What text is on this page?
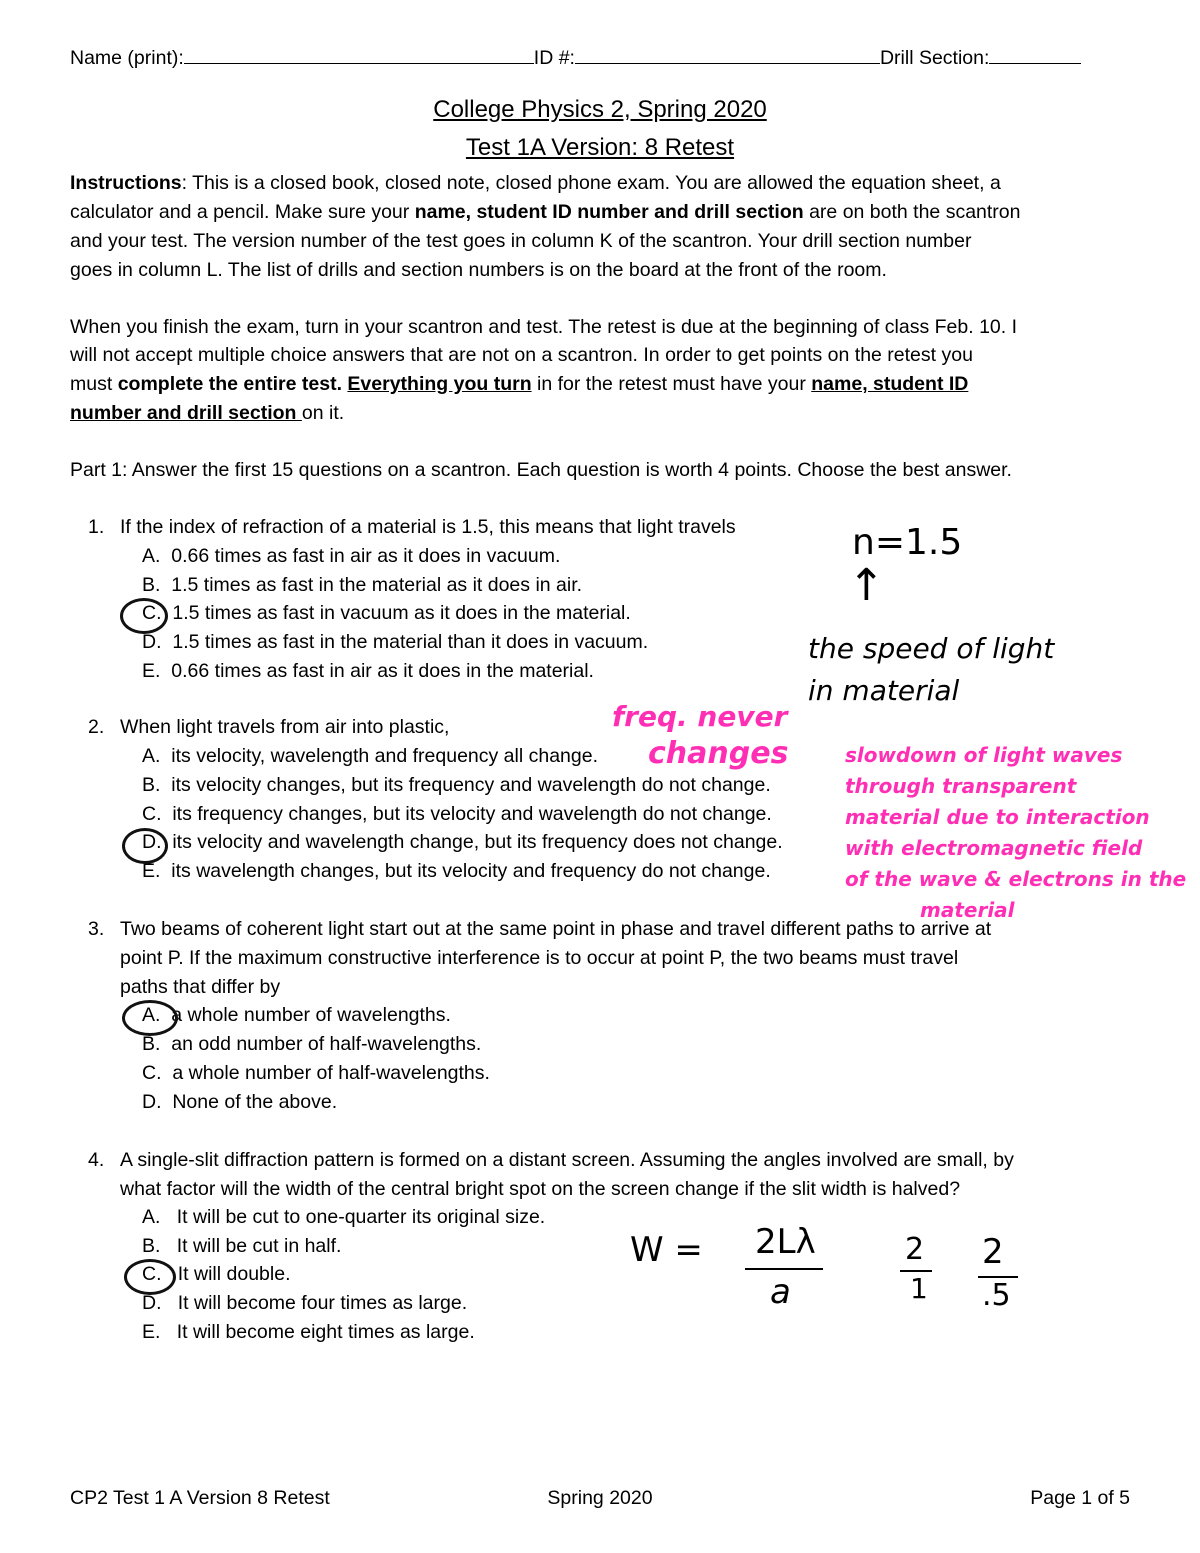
Name (print):	ID #:	Drill Section:
College Physics 2, Spring 2020
Test 1A Version: 8 Retest
Instructions: This is a closed book, closed note, closed phone exam. You are allowed the equation sheet, a
calculator and a pencil. Make sure your name, student ID number and drill section are on both the scantron
and your test. The version number of the test goes in column K of the scantron. Your drill section number
goes in column L. The list of drills and section numbers is on the board at the front of the room.
When you finish the exam, turn in your scantron and test. The retest is due at the beginning of class Feb. 10. I
will not accept multiple choice answers that are not on a scantron. In order to get points on the retest you
must complete the entire test. Everything you turn in for the retest must have your name, student ID
number and drill section on it.
Part 1: Answer the first 15 questions on a scantron. Each question is worth 4 points. Choose the best answer.
1. If the index of refraction of a material is 1.5, this means that light travels
A. 0.66 times as fast in air as it does in vacuum.
B. 1.5 times as fast in the material as it does in air.
C. 1.5 times as fast in vacuum as it does in the material.
D. 1.5 times as fast in the material than it does in vacuum.
E. 0.66 times as fast in air as it does in the material.
n=1.5
↑
the speed of light
in material
2. When light travels from air into plastic,
A. its velocity, wavelength and frequency all change.
B. its velocity changes, but its frequency and wavelength do not change.
C. its frequency changes, but its velocity and wavelength do not change.
D. its velocity and wavelength change, but its frequency does not change.
E. its wavelength changes, but its velocity and frequency do not change.
freq. never
changes	slowdown of light waves
through transparent
material due to interaction
with electromagnetic field
of the wave & electrons in the
material
3. Two beams of coherent light start out at the same point in phase and travel different paths to arrive at
point P. If the maximum constructive interference is to occur at point P, the two beams must travel
paths that differ by
A. a whole number of wavelengths.
B. an odd number of half-wavelengths.
C. a whole number of half-wavelengths.
D. None of the above.
4. A single-slit diffraction pattern is formed on a distant screen. Assuming the angles involved are small, by
what factor will the width of the central bright spot on the screen change if the slit width is halved?
A. It will be cut to one-quarter its original size.
B. It will be cut in half.
C. It will double.
D. It will become four times as large.
E. It will become eight times as large.
W = 2Lλ
a
2
1
2
.5
CP2 Test 1 A Version 8 Retest	Spring 2020	Page 1 of 5
